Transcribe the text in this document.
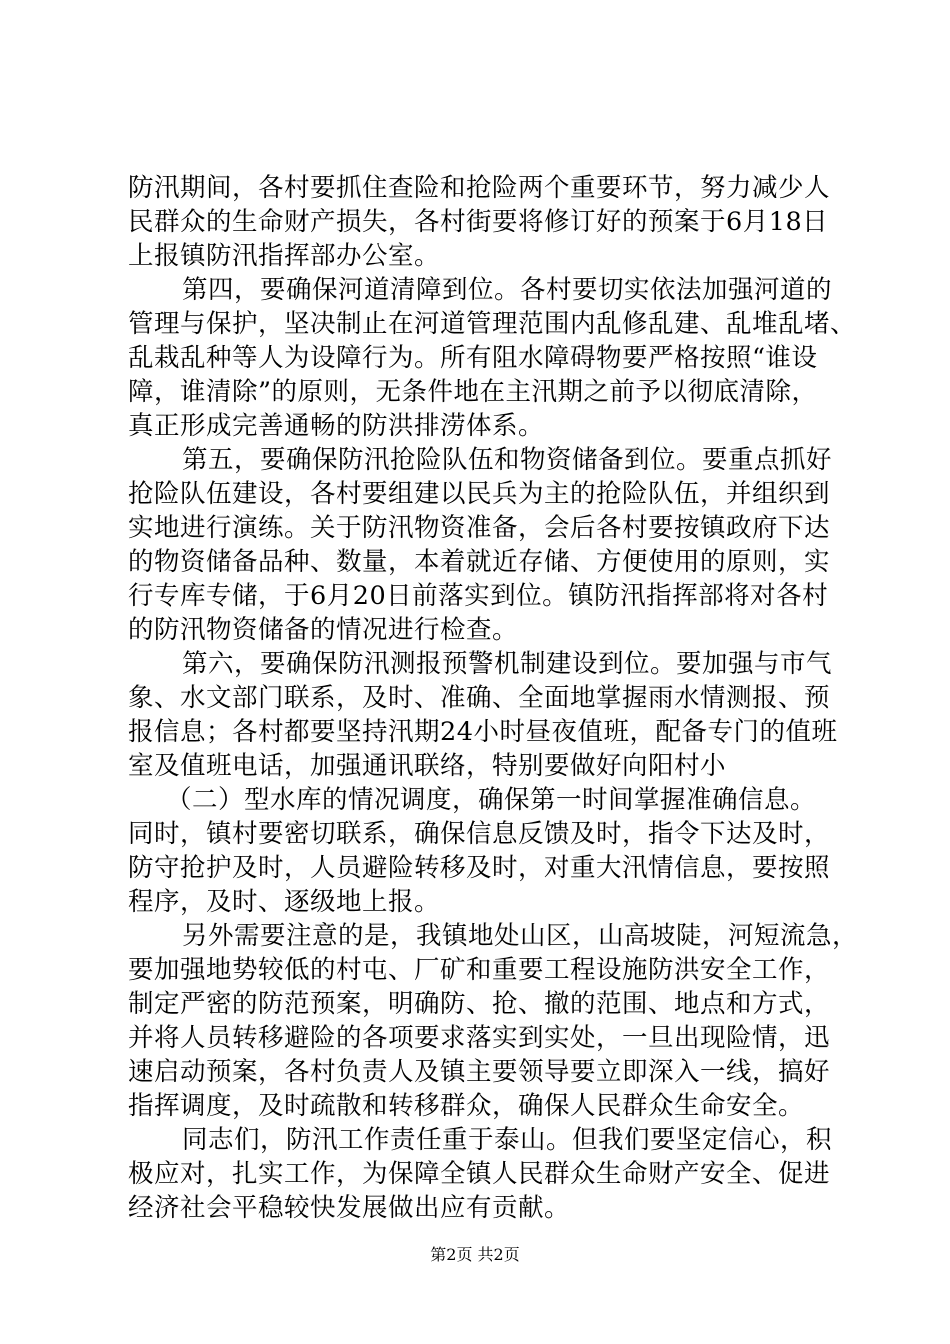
防汛期间，各村要抓住查险和抢险两个重要环节，努力减少人
民群众的生命财产损失，各村街要将修订好的预案于6月18日
上报镇防汛指挥部办公室。
第四，要确保河道清障到位。各村要切实依法加强河道的
管理与保护，坚决制止在河道管理范围内乱修乱建、乱堆乱堵、
乱栽乱种等人为设障行为。所有阻水障碍物要严格按照“谁设
障，谁清除”的原则，无条件地在主汛期之前予以彻底清除，
真正形成完善通畅的防洪排涝体系。
第五，要确保防汛抢险队伍和物资储备到位。要重点抓好
抢险队伍建设，各村要组建以民兵为主的抢险队伍，并组织到
实地进行演练。关于防汛物资准备，会后各村要按镇政府下达
的物资储备品种、数量，本着就近存储、方便使用的原则，实
行专库专储，于6月20日前落实到位。镇防汛指挥部将对各村
的防汛物资储备的情况进行检查。
第六，要确保防汛测报预警机制建设到位。要加强与市气
象、水文部门联系，及时、准确、全面地掌握雨水情测报、预
报信息；各村都要坚持汛期24小时昼夜值班，配备专门的值班
室及值班电话，加强通讯联络，特别要做好向阳村小
（二）型水库的情况调度，确保第一时间掌握准确信息。
同时，镇村要密切联系，确保信息反馈及时，指令下达及时，
防守抢护及时，人员避险转移及时，对重大汛情信息，要按照
程序，及时、逐级地上报。
另外需要注意的是，我镇地处山区，山高坡陡，河短流急，
要加强地势较低的村屯、厂矿和重要工程设施防洪安全工作，
制定严密的防范预案，明确防、抢、撤的范围、地点和方式，
并将人员转移避险的各项要求落实到实处，一旦出现险情，迅
速启动预案，各村负责人及镇主要领导要立即深入一线，搞好
指挥调度，及时疏散和转移群众，确保人民群众生命安全。
同志们，防汛工作责任重于泰山。但我们要坚定信心，积
极应对，扎实工作，为保障全镇人民群众生命财产安全、促进
经济社会平稳较快发展做出应有贡献。
第2页 共2页
